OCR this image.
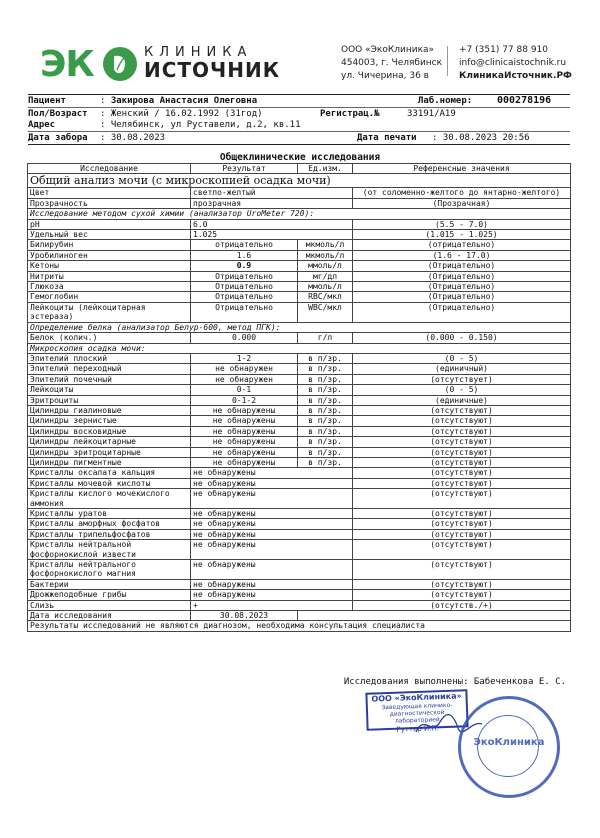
ЭК	КЛИНИКА
ИСТОЧНИК
ООО «ЭкоКлиника»
454003, г. Челябинск
ул. Чичерина, 36 в
+7 (351) 77 88 910
info@clinicaistochnik.ru
КлиникаИсточник.РФ
Пациент	: Закирова Анастасия Олеговна	Лаб.номер: 000278196
Пол/Возраст : Женский / 16.02.1992 (31год)	Регистрац.№	33191/A19
Адрес	: Челябинск, ул Руставели, д.2, кв.11
Дата забора : 30.08.2023	Дата печати : 30.08.2023 20:56
Общеклинические исследования
Исследование	Результат	Ед.изм.	Референсные значения
Общий анализ мочи (с микроскопией осадка мочи)			
Цвет	светло-желтый		(от соломенно-желтого до янтарно-желтого)
Прозрачность	прозрачная		(Прозрачная)
Исследование методом сухой химии (анализатор UroMeter 720):			
pH	6.0		(5.5 - 7.0)
Удельный вес	1.025		(1.015 - 1.025)
Билирубин	отрицательно	мкмоль/л	(отрицательно)
Уробилиноген	1.6	мкмоль/л	(1.6 - 17.0)
Кетоны	0.9	ммоль/л	(Отрицательно)
Нитриты	Отрицательно	мг/дл	(Отрицательно)
Глюкоза	Отрицательно	ммоль/л	(Отрицательно)
Гемоглобин	Отрицательно	RBC/мкл	(Отрицательно)
Лейкоциты (лейкоцитарная эстераза)	Отрицательно	WBC/мкл	(Отрицательно)
Определение белка (анализатор Белур-600, метод ПГК):			
Белок (колич.)	0.000	г/л	(0.000 - 0.150)
Микроскопия осадка мочи:			
Эпителий плоский	1-2	в п/зр.	(0 - 5)
Эпителий переходный	не обнаружен	в п/зр.	(единичный)
Эпителий почечный	не обнаружен	в п/зр.	(отсутствует)
Лейкоциты	0-1	в п/зр.	(0 - 5)
Эритроциты	0-1-2	в п/зр.	(единичные)
Цилиндры гиалиновые	не обнаружены	в п/зр.	(отсутствуют)
Цилиндры зернистые	не обнаружены	в п/зр.	(отсутствуют)
Цилиндры восковидные	не обнаружены	в п/зр.	(отсутствуют)
Цилиндры лейкоцитарные	не обнаружены	в п/зр.	(отсутствуют)
Цилиндры эритроцитарные	не обнаружены	в п/зр.	(отсутствуют)
Цилиндры пигментные	не обнаружены	в п/зр.	(отсутствуют)
Кристаллы оксалата кальция	не обнаружены		(отсутствуют)
Кристаллы мочевой кислоты	не обнаружены		(отсутствуют)
Кристаллы кислого мочекислого аммония	не обнаружены		(отсутствуют)
Кристаллы уратов	не обнаружены		(отсутствуют)
Кристаллы аморфных фосфатов	не обнаружены		(отсутствуют)
Кристаллы трипельфосфатов	не обнаружены		(отсутствуют)
Кристаллы нейтральной фосфорнокислой извести	не обнаружены		(отсутствуют)
Кристаллы нейтрального фосфорнокислого магния	не обнаружены		(отсутствуют)
Бактерии	не обнаружены		(отсутствуют)
Дрожжеподобные грибы	не обнаружены		(отсутствуют)
Слизь	+		(отсутств./+)
Дата исследования	30.08.2023		
Результаты исследований не являются диагнозом, необходима консультация специалиста			
Исследования выполнены: Бабеченкова Е. С.
ООО «ЭкоКлиника»
Заведующая клинико-
диагностической лабораторией
Руттер И.П.
ЭкоКлиника
